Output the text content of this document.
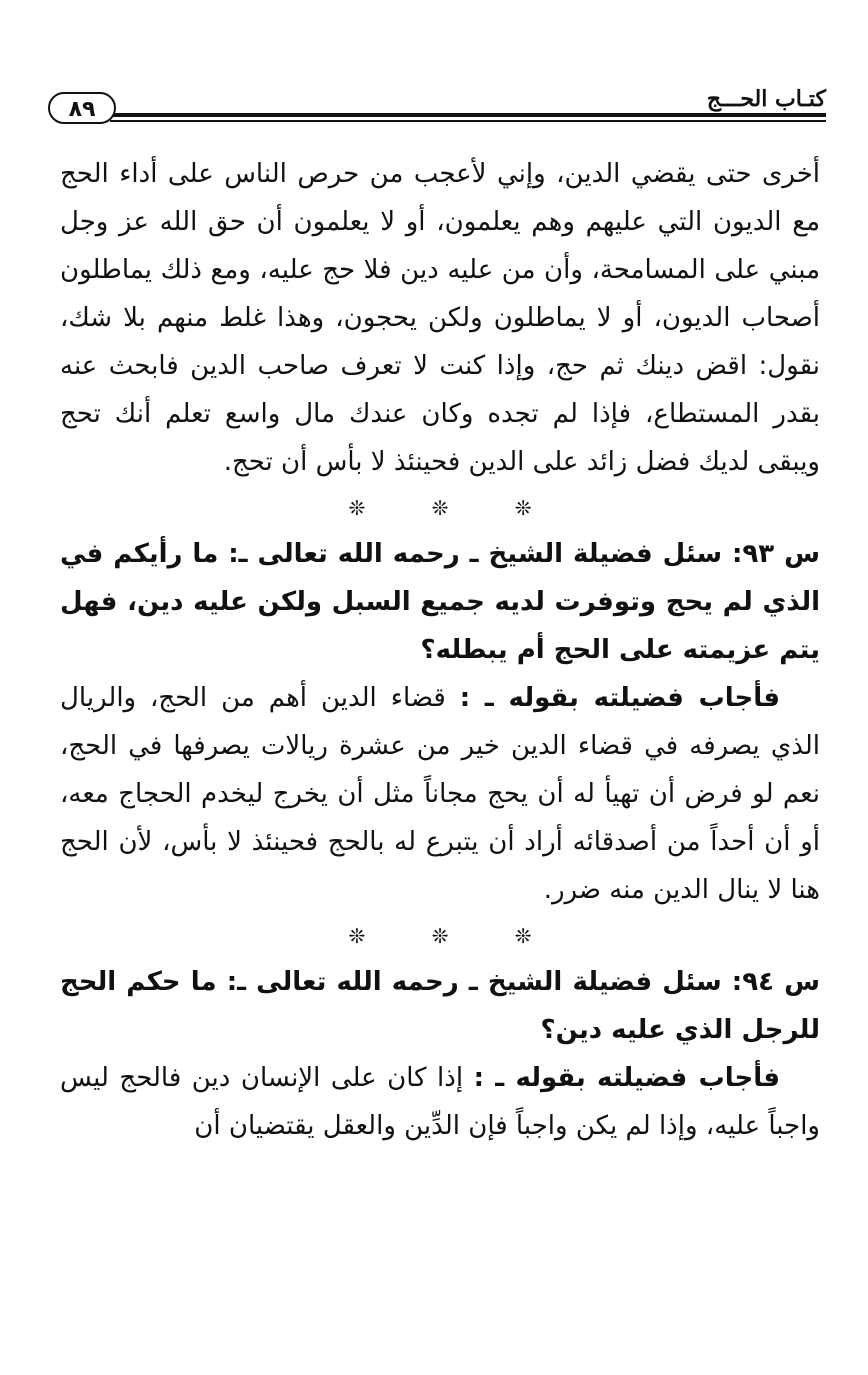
٨٩	كتـاب الحـــج

أخرى حتى يقضي الدين، وإني لأعجب من حرص الناس على أداء الحج مع الديون التي عليهم وهم يعلمون، أو لا يعلمون أن حق الله عز وجل مبني على المسامحة، وأن من عليه دين فلا حج عليه، ومع ذلك يماطلون أصحاب الديون، أو لا يماطلون ولكن يحجون، وهذا غلط منهم بلا شك، نقول: اقض دينك ثم حج، وإذا كنت لا تعرف صاحب الدين فابحث عنه بقدر المستطاع، فإذا لم تجده وكان عندك مال واسع تعلم أنك تحج ويبقى لديك فضل زائد على الدين فحينئذ لا بأس أن تحج.

❊ ❊ ❊

س ٩٣: سئل فضيلة الشيخ ـ رحمه الله تعالى ـ: ما رأيكم في الذي لم يحج وتوفرت لديه جميع السبل ولكن عليه دين، فهل يتم عزيمته على الحج أم يبطله؟

فأجاب فضيلته بقوله ـ : قضاء الدين أهم من الحج، والريال الذي يصرفه في قضاء الدين خير من عشرة ريالات يصرفها في الحج، نعم لو فرض أن تهيأ له أن يحج مجاناً مثل أن يخرج ليخدم الحجاج معه، أو أن أحداً من أصدقائه أراد أن يتبرع له بالحج فحينئذ لا بأس، لأن الحج هنا لا ينال الدين منه ضرر.

❊ ❊ ❊

س ٩٤: سئل فضيلة الشيخ ـ رحمه الله تعالى ـ: ما حكم الحج للرجل الذي عليه دين؟

فأجاب فضيلته بقوله ـ : إذا كان على الإنسان دين فالحج ليس واجباً عليه، وإذا لم يكن واجباً فإن الدِّين والعقل يقتضيان أن
